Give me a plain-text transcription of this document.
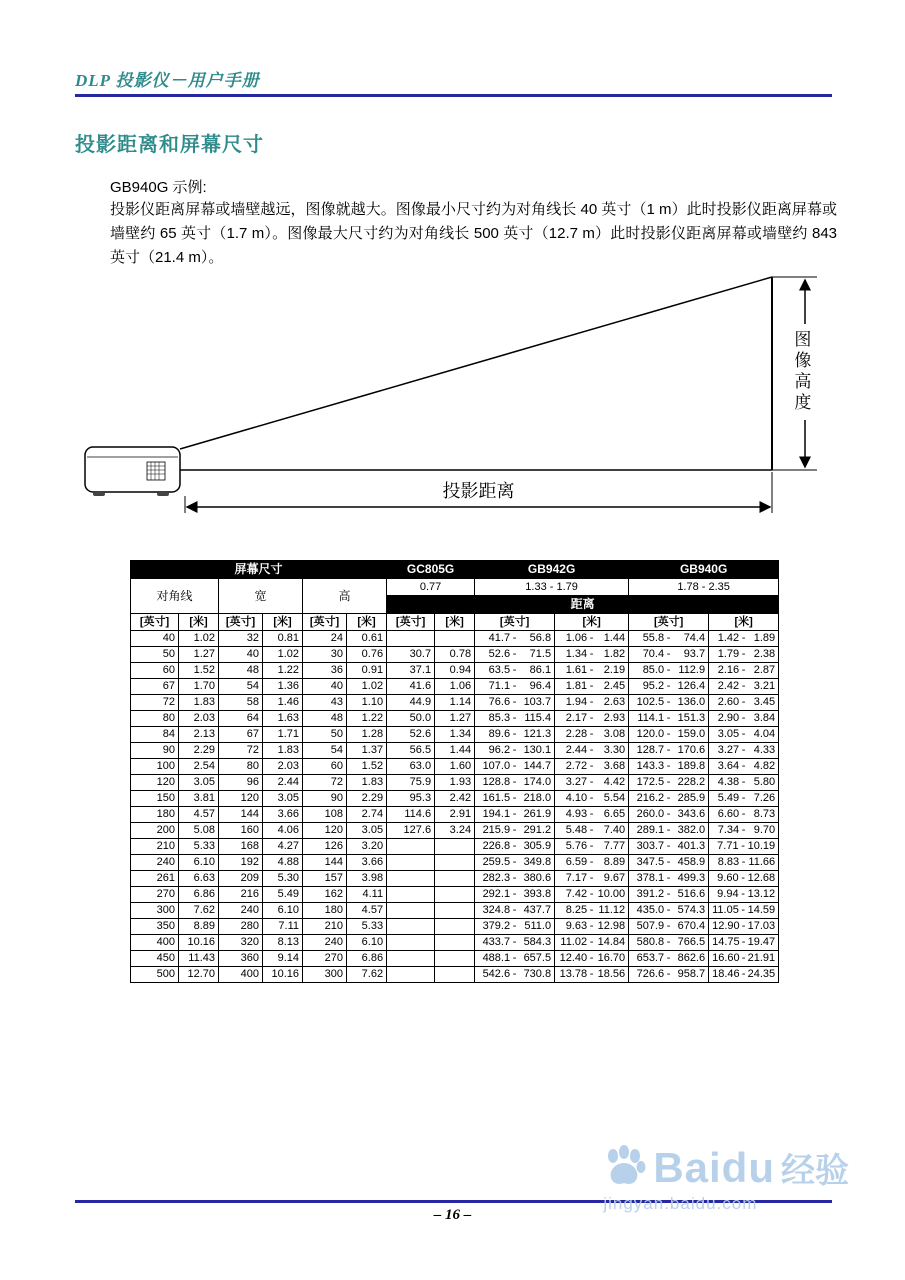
DLP 投影仪－用户手册
投影距离和屏幕尺寸
GB940G 示例:
投影仪距离屏幕或墙壁越远，图像就越大。图像最小尺寸约为对角线长 40 英寸（1 m）此时投影仪距离屏幕或墙壁约 65 英寸（1.7 m）。图像最大尺寸约为对角线长 500 英寸（12.7 m）此时投影仪距离屏幕或墙壁约 843 英寸（21.4 m）。
图像高度
投影距离
屏幕尺寸						GC805G		GB942G		GB940G	
对角线		宽		高		0.77		1.33 - 1.79		1.78 - 2.35	
						距离					
[英寸]	[米]	[英寸]	[米]	[英寸]	[米]	[英寸]	[米]	[英寸]	[米]	[英寸]	[米]
40	1.02	32	0.81	24	0.61			41.7 - 56.8	1.06 - 1.44	55.8 - 74.4	1.42 - 1.89

50	1.27	40	1.02	30	0.76	30.7	0.78	52.6 - 71.5	1.34 - 1.82	70.4 - 93.7	1.79 - 2.38

60	1.52	48	1.22	36	0.91	37.1	0.94	63.5 - 86.1	1.61 - 2.19	85.0 - 112.9	2.16 - 2.87

67	1.70	54	1.36	40	1.02	41.6	1.06	71.1 - 96.4	1.81 - 2.45	95.2 - 126.4	2.42 - 3.21

72	1.83	58	1.46	43	1.10	44.9	1.14	76.6 - 103.7	1.94 - 2.63	102.5 - 136.0	2.60 - 3.45

80	2.03	64	1.63	48	1.22	50.0	1.27	85.3 - 115.4	2.17 - 2.93	114.1 - 151.3	2.90 - 3.84

84	2.13	67	1.71	50	1.28	52.6	1.34	89.6 - 121.3	2.28 - 3.08	120.0 - 159.0	3.05 - 4.04

90	2.29	72	1.83	54	1.37	56.5	1.44	96.2 - 130.1	2.44 - 3.30	128.7 - 170.6	3.27 - 4.33

100	2.54	80	2.03	60	1.52	63.0	1.60	107.0 - 144.7	2.72 - 3.68	143.3 - 189.8	3.64 - 4.82

120	3.05	96	2.44	72	1.83	75.9	1.93	128.8 - 174.0	3.27 - 4.42	172.5 - 228.2	4.38 - 5.80

150	3.81	120	3.05	90	2.29	95.3	2.42	161.5 - 218.0	4.10 - 5.54	216.2 - 285.9	5.49 - 7.26

180	4.57	144	3.66	108	2.74	114.6	2.91	194.1 - 261.9	4.93 - 6.65	260.0 - 343.6	6.60 - 8.73

200	5.08	160	4.06	120	3.05	127.6	3.24	215.9 - 291.2	5.48 - 7.40	289.1 - 382.0	7.34 - 9.70

210	5.33	168	4.27	126	3.20			226.8 - 305.9	5.76 - 7.77	303.7 - 401.3	7.71 - 10.19

240	6.10	192	4.88	144	3.66			259.5 - 349.8	6.59 - 8.89	347.5 - 458.9	8.83 - 11.66

261	6.63	209	5.30	157	3.98			282.3 - 380.6	7.17 - 9.67	378.1 - 499.3	9.60 - 12.68

270	6.86	216	5.49	162	4.11			292.1 - 393.8	7.42 - 10.00	391.2 - 516.6	9.94 - 13.12

300	7.62	240	6.10	180	4.57			324.8 - 437.7	8.25 - 11.12	435.0 - 574.3	11.05 - 14.59

350	8.89	280	7.11	210	5.33			379.2 - 511.0	9.63 - 12.98	507.9 - 670.4	12.90 - 17.03

400	10.16	320	8.13	240	6.10			433.7 - 584.3	11.02 - 14.84	580.8 - 766.5	14.75 - 19.47

450	11.43	360	9.14	270	6.86			488.1 - 657.5	12.40 - 16.70	653.7 - 862.6	16.60 - 21.91

500	12.70	400	10.16	300	7.62			542.6 - 730.8	13.78 - 18.56	726.6 - 958.7	18.46 - 24.35
– 16 –
Baidu 经验
jingyan.baidu.com
